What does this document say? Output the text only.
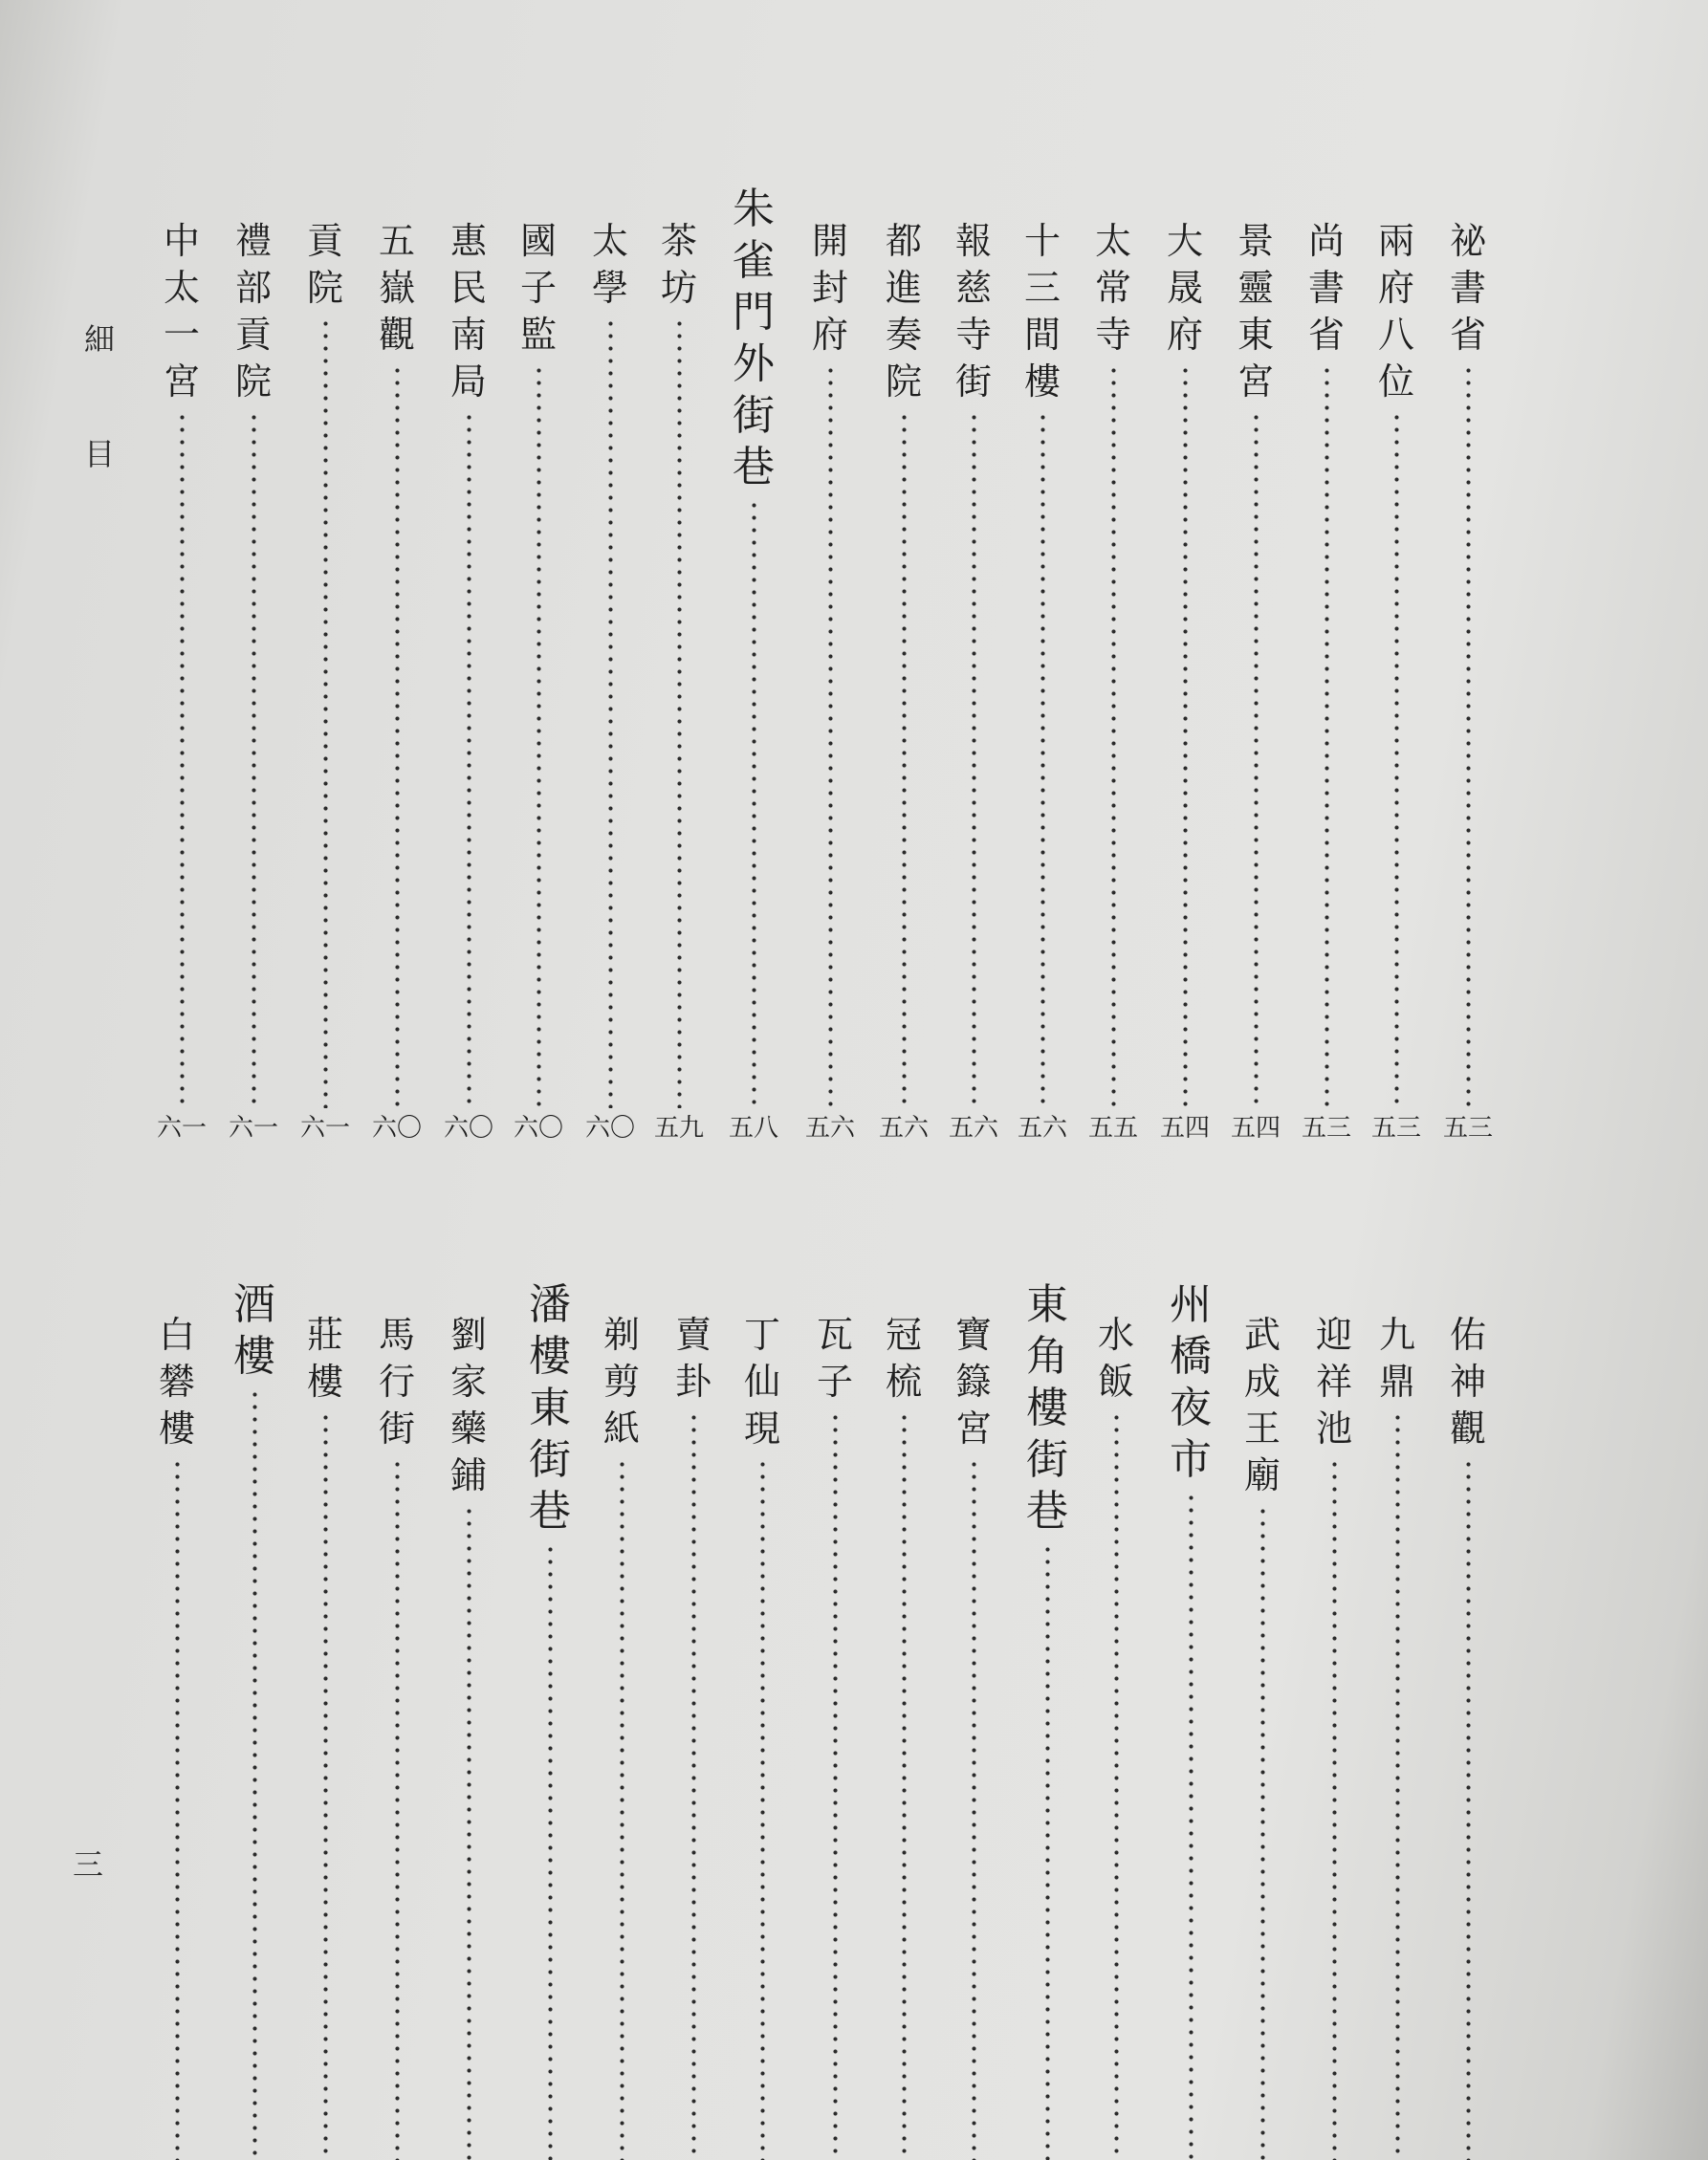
細
目
三
祕
書
省
五三
兩
府
八
位
五三
尚
書
省
五三
景
靈
東
宮
五四
大
晟
府
五四
太
常
寺
五五
十
三
間
樓
五六
報
慈
寺
街
五六
都
進
奏
院
五六
開
封
府
五六
朱
雀
門
外
街
巷
五八
茶
坊
五九
太
學
六〇
國
子
監
六〇
惠
民
南
局
六〇
五
嶽
觀
六〇
貢
院
六一
禮
部
貢
院
六一
中
太
一
宮
六一
佑
神
觀
九
鼎
迎
祥
池
武
成
王
廟
州
橋
夜
市
水
飯
東
角
樓
街
巷
寶
籙
宮
冠
梳
瓦
子
丁
仙
現
賣
卦
剃
剪
紙
潘
樓
東
街
巷
劉
家
藥
鋪
馬
行
街
莊
樓
酒
樓
白
礬
樓
